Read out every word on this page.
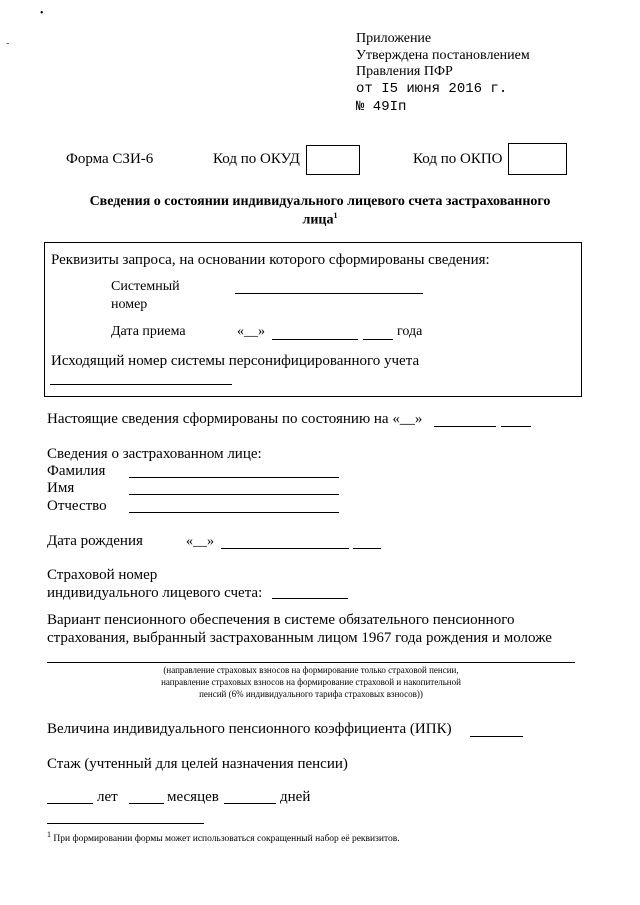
•
-	Приложение
Утверждена постановлением
Правления ПФР
от I5 июня 2016 г.
№ 49Iп
Форма СЗИ-6	Код по ОКУД	Код по ОКПО
Сведения о состоянии индивидуального лицевого счета застрахованного
лица$^1$
Реквизиты запроса, на основании которого сформированы сведения:
Системный
номер
Дата приема	«__»	года
Исходящий номер системы персонифицированного учета
Настоящие сведения сформированы по состоянию на «__»
Сведения о застрахованном лице:
Фамилия
Имя
Отчество
Дата рождения	«__»
Страховой номер
индивидуального лицевого счета:
Вариант пенсионного обеспечения в системе обязательного пенсионного
страхования, выбранный застрахованным лицом 1967 года рождения и моложе
(направление страховых взносов на формирование только страховой пенсии,
направление страховых взносов на формирование страховой и накопительной
пенсий (6% индивидуального тарифа страховых взносов))
Величина индивидуального пенсионного коэффициента (ИПК)
Стаж (учтенный для целей назначения пенсии)
лет	месяцев	дней
$^1$ При формировании формы может использоваться сокращенный набор её реквизитов.
